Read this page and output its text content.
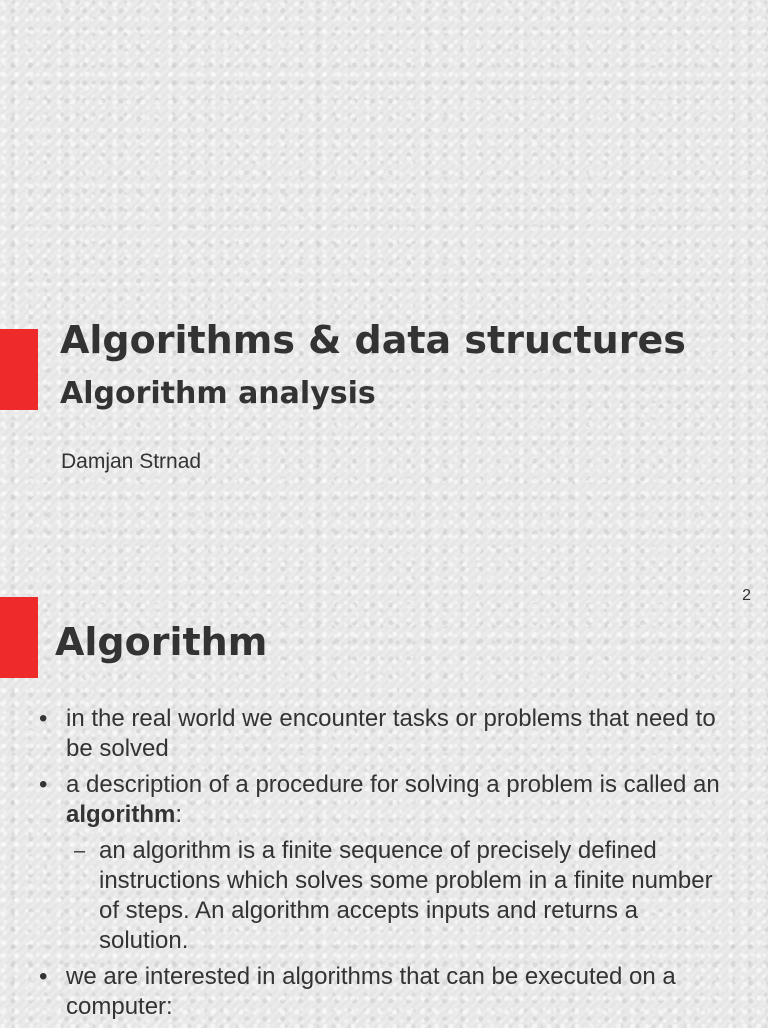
Algorithms & data structures
Algorithm analysis

Damjan Strnad

2
Algorithm
• in the real world we encounter tasks or problems that need to be solved
• a description of a procedure for solving a problem is called an algorithm:
– an algorithm is a finite sequence of precisely defined instructions which solves some problem in a finite number of steps. An algorithm accepts inputs and returns a solution.
• we are interested in algorithms that can be executed on a computer:
